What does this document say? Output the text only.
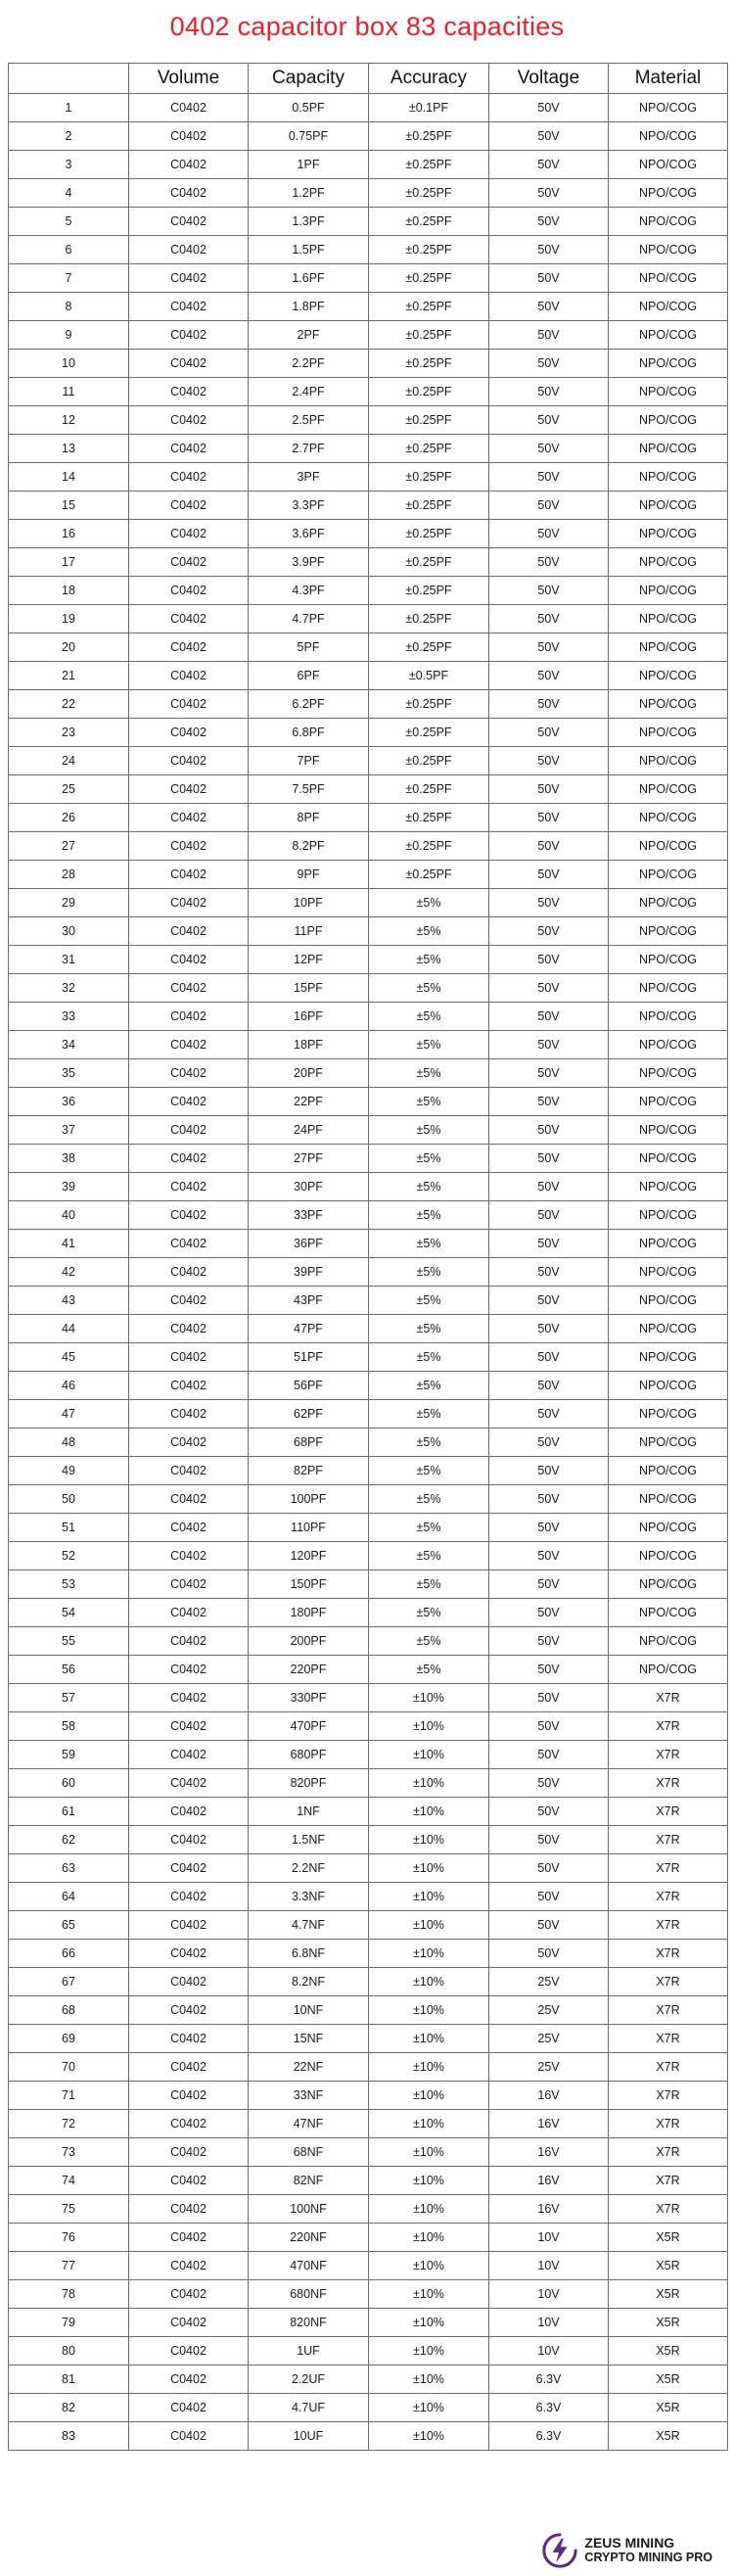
0402 capacitor box 83 capacities
	Volume	Capacity	Accuracy	Voltage	Material
1	C0402	0.5PF	±0.1PF	50V	NPO/COG
2	C0402	0.75PF	±0.25PF	50V	NPO/COG
3	C0402	1PF	±0.25PF	50V	NPO/COG
4	C0402	1.2PF	±0.25PF	50V	NPO/COG
5	C0402	1.3PF	±0.25PF	50V	NPO/COG
6	C0402	1.5PF	±0.25PF	50V	NPO/COG
7	C0402	1.6PF	±0.25PF	50V	NPO/COG
8	C0402	1.8PF	±0.25PF	50V	NPO/COG
9	C0402	2PF	±0.25PF	50V	NPO/COG
10	C0402	2.2PF	±0.25PF	50V	NPO/COG
11	C0402	2.4PF	±0.25PF	50V	NPO/COG
12	C0402	2.5PF	±0.25PF	50V	NPO/COG
13	C0402	2.7PF	±0.25PF	50V	NPO/COG
14	C0402	3PF	±0.25PF	50V	NPO/COG
15	C0402	3.3PF	±0.25PF	50V	NPO/COG
16	C0402	3.6PF	±0.25PF	50V	NPO/COG
17	C0402	3.9PF	±0.25PF	50V	NPO/COG
18	C0402	4.3PF	±0.25PF	50V	NPO/COG
19	C0402	4.7PF	±0.25PF	50V	NPO/COG
20	C0402	5PF	±0.25PF	50V	NPO/COG
21	C0402	6PF	±0.5PF	50V	NPO/COG
22	C0402	6.2PF	±0.25PF	50V	NPO/COG
23	C0402	6.8PF	±0.25PF	50V	NPO/COG
24	C0402	7PF	±0.25PF	50V	NPO/COG
25	C0402	7.5PF	±0.25PF	50V	NPO/COG
26	C0402	8PF	±0.25PF	50V	NPO/COG
27	C0402	8.2PF	±0.25PF	50V	NPO/COG
28	C0402	9PF	±0.25PF	50V	NPO/COG
29	C0402	10PF	±5%	50V	NPO/COG
30	C0402	11PF	±5%	50V	NPO/COG
31	C0402	12PF	±5%	50V	NPO/COG
32	C0402	15PF	±5%	50V	NPO/COG
33	C0402	16PF	±5%	50V	NPO/COG
34	C0402	18PF	±5%	50V	NPO/COG
35	C0402	20PF	±5%	50V	NPO/COG
36	C0402	22PF	±5%	50V	NPO/COG
37	C0402	24PF	±5%	50V	NPO/COG
38	C0402	27PF	±5%	50V	NPO/COG
39	C0402	30PF	±5%	50V	NPO/COG
40	C0402	33PF	±5%	50V	NPO/COG
41	C0402	36PF	±5%	50V	NPO/COG
42	C0402	39PF	±5%	50V	NPO/COG
43	C0402	43PF	±5%	50V	NPO/COG
44	C0402	47PF	±5%	50V	NPO/COG
45	C0402	51PF	±5%	50V	NPO/COG
46	C0402	56PF	±5%	50V	NPO/COG
47	C0402	62PF	±5%	50V	NPO/COG
48	C0402	68PF	±5%	50V	NPO/COG
49	C0402	82PF	±5%	50V	NPO/COG
50	C0402	100PF	±5%	50V	NPO/COG
51	C0402	110PF	±5%	50V	NPO/COG
52	C0402	120PF	±5%	50V	NPO/COG
53	C0402	150PF	±5%	50V	NPO/COG
54	C0402	180PF	±5%	50V	NPO/COG
55	C0402	200PF	±5%	50V	NPO/COG
56	C0402	220PF	±5%	50V	NPO/COG
57	C0402	330PF	±10%	50V	X7R
58	C0402	470PF	±10%	50V	X7R
59	C0402	680PF	±10%	50V	X7R
60	C0402	820PF	±10%	50V	X7R
61	C0402	1NF	±10%	50V	X7R
62	C0402	1.5NF	±10%	50V	X7R
63	C0402	2.2NF	±10%	50V	X7R
64	C0402	3.3NF	±10%	50V	X7R
65	C0402	4.7NF	±10%	50V	X7R
66	C0402	6.8NF	±10%	50V	X7R
67	C0402	8.2NF	±10%	25V	X7R
68	C0402	10NF	±10%	25V	X7R
69	C0402	15NF	±10%	25V	X7R
70	C0402	22NF	±10%	25V	X7R
71	C0402	33NF	±10%	16V	X7R
72	C0402	47NF	±10%	16V	X7R
73	C0402	68NF	±10%	16V	X7R
74	C0402	82NF	±10%	16V	X7R
75	C0402	100NF	±10%	16V	X7R
76	C0402	220NF	±10%	10V	X5R
77	C0402	470NF	±10%	10V	X5R
78	C0402	680NF	±10%	10V	X5R
79	C0402	820NF	±10%	10V	X5R
80	C0402	1UF	±10%	10V	X5R
81	C0402	2.2UF	±10%	6.3V	X5R
82	C0402	4.7UF	±10%	6.3V	X5R
83	C0402	10UF	±10%	6.3V	X5R
ZEUS MINING
CRYPTO MINING PRO
